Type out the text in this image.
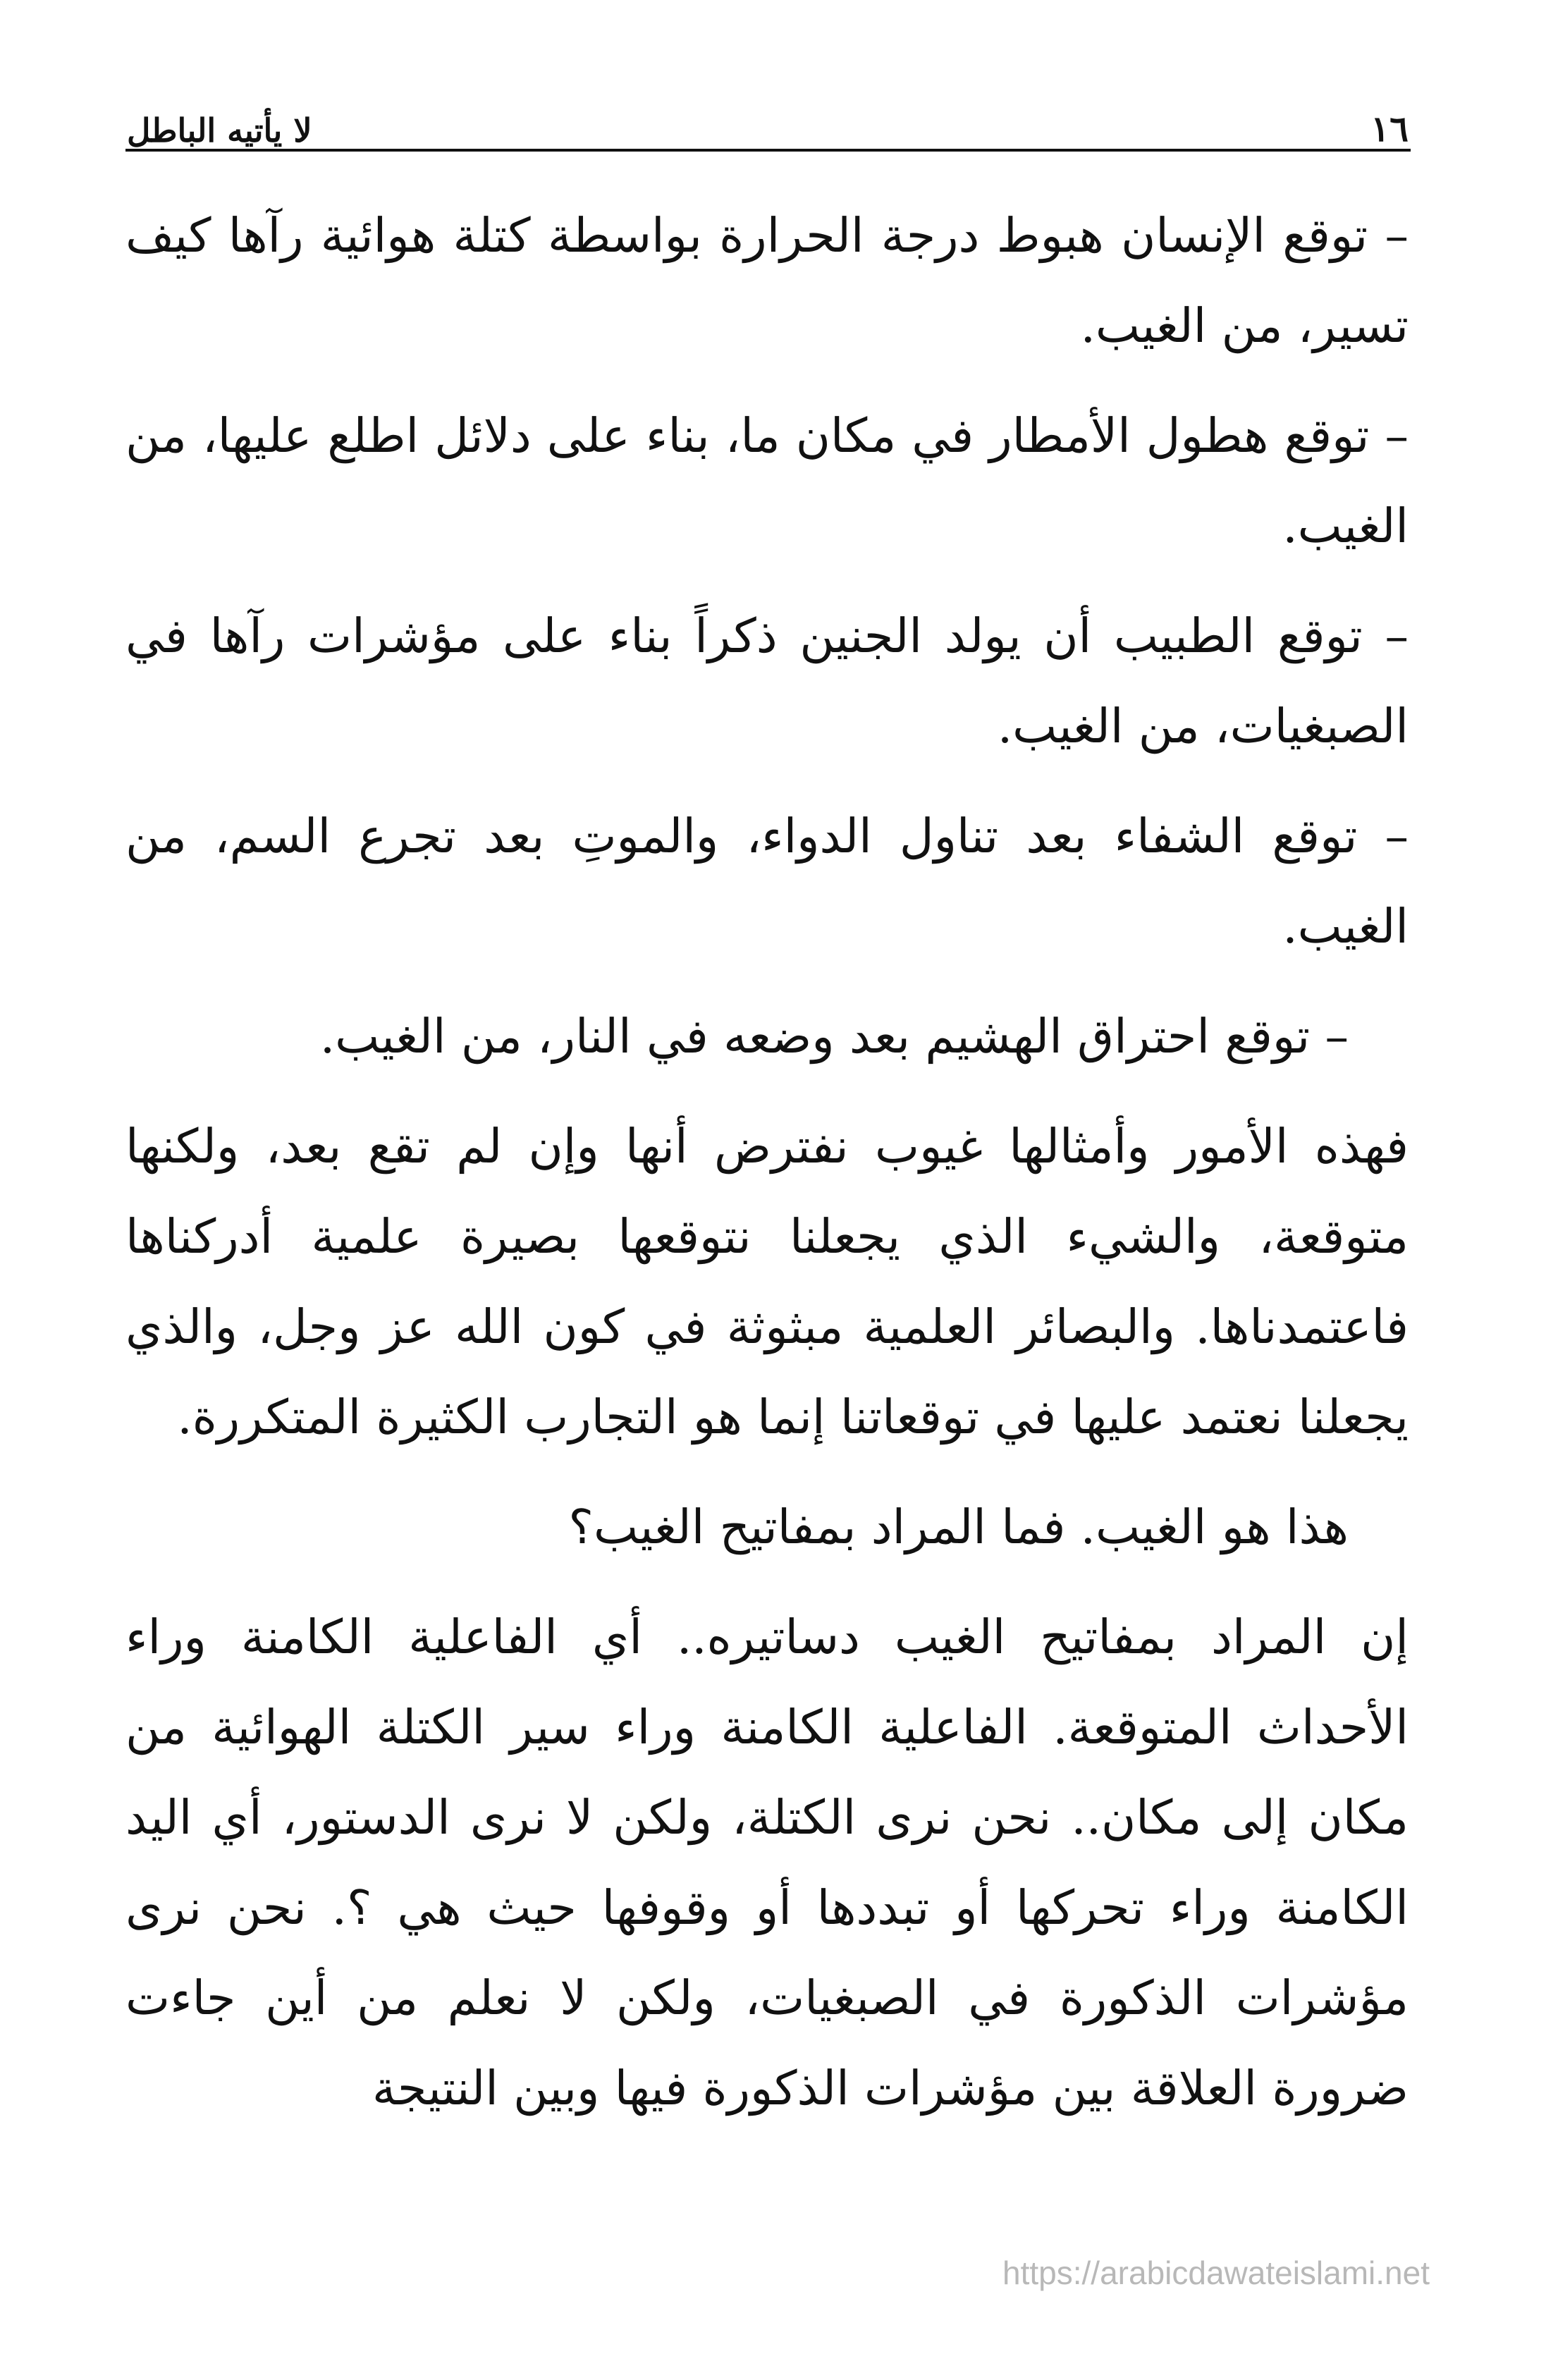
١٦
لا يأتيه الباطل

– توقع الإنسان هبوط درجة الحرارة بواسطة كتلة هوائية رآها كيف تسير، من الغيب.

– توقع هطول الأمطار في مكان ما، بناء على دلائل اطلع عليها، من الغيب.

– توقع الطبيب أن يولد الجنين ذكراً بناء على مؤشرات رآها في الصبغيات، من الغيب.

– توقع الشفاء بعد تناول الدواء، والموتِ بعد تجرع السم، من الغيب.

– توقع احتراق الهشيم بعد وضعه في النار، من الغيب.

فهذه الأمور وأمثالها غيوب نفترض أنها وإن لم تقع بعد، ولكنها متوقعة، والشيء الذي يجعلنا نتوقعها بصيرة علمية أدركناها فاعتمدناها. والبصائر العلمية مبثوثة في كون الله عز وجل، والذي يجعلنا نعتمد عليها في توقعاتنا إنما هو التجارب الكثيرة المتكررة.

هذا هو الغيب. فما المراد بمفاتيح الغيب؟

إن المراد بمفاتيح الغيب دساتيره.. أي الفاعلية الكامنة وراء الأحداث المتوقعة. الفاعلية الكامنة وراء سير الكتلة الهوائية من مكان إلى مكان.. نحن نرى الكتلة، ولكن لا نرى الدستور، أي اليد الكامنة وراء تحركها أو تبددها أو وقوفها حيث هي ؟. نحن نرى مؤشرات الذكورة في الصبغيات، ولكن لا نعلم من أين جاءت ضرورة العلاقة بين مؤشرات الذكورة فيها وبين النتيجة

https://arabicdawateislami.net
